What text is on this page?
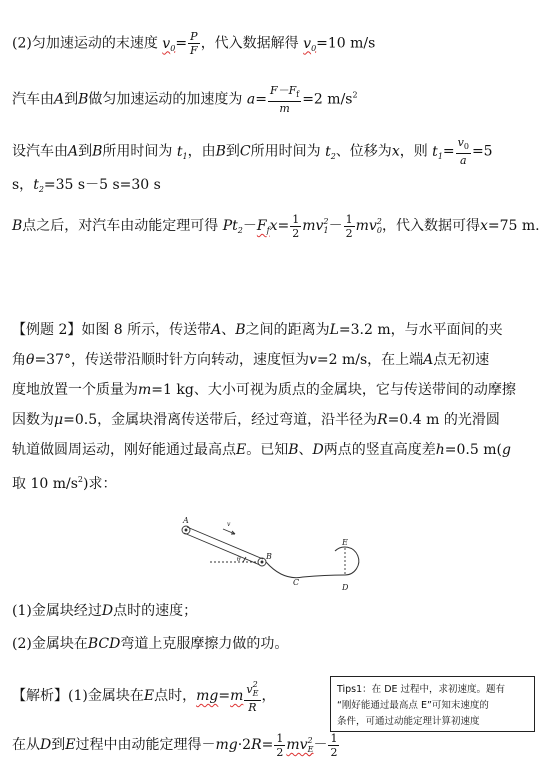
(2)匀加速运动的末速度 $v_0= \frac{P}{F}$ ，代入数据解得 $v_0=10$ m/s
汽车由A到B做匀加速运动的加速度为 $a= \frac{F-F_f}{m} =2$ $m/s^2$
设汽车由A到B所用时间为 $t_1$，由B到C所用时间为 $t_2$、位移为x，则 $t_1= \frac{v_0}{a} =5$
s，$t_2=35$ s－5 s=30 s
B点之后，对汽车由动能定理可得 $Pt_2-F_fx= \frac{1}{2} mv^2_1- \frac{1}{2} mv^2_0$，代入数据可得x=75 m.
【例题 2】如图 8 所示，传送带A、B之间的距离为L=3.2 m，与水平面间的夹
角θ=37°，传送带沿顺时针方向转动，速度恒为v=2 m/s，在上端A点无初速
度地放置一个质量为m=1 kg、大小可视为质点的金属块，它与传送带间的动摩擦
因数为μ=0.5，金属块滑离传送带后，经过弯道，沿半径为R=0.4 m 的光滑圆
轨道做圆周运动，刚好能通过最高点E。已知B、D两点的竖直高度差h=0.5 m(g
取 10 $m/s^2$)求：
A
B
C
D
E
v
θ
(1)金属块经过D点时的速度；
(2)金属块在BCD弯道上克服摩擦力做的功。
【解析】(1)金属块在E点时，$mg=m \frac{v^2_E}{R}$ ，
在从D到E过程中由动能定理得$-mg\cdot 2R= \frac{1}{2} mv^2_E- \frac{1}{2}$
Tips1：在 DE 过程中，求初速度。题有
“刚好能通过最高点 E”可知末速度的
条件，可通过动能定理计算初速度
